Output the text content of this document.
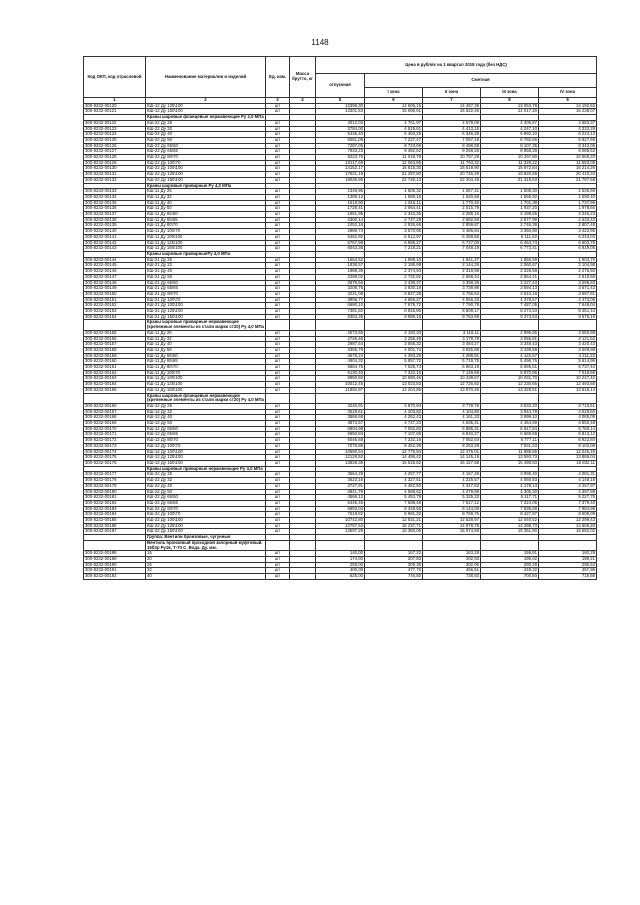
1148
Код ОКП, код отраслевой	Наименование материалов и изделий	Ед. изм.	Масса брутто, кг	Цена в рублях на 1 квартал 2018 года (без НДС)				
				отпускная	Сметная			
					I зона	II зона	III зона	IV зона
1	2	3	4	5	6	7	8	9
300-8232-00120	КШ-12 Ду 125\100	шт		12398,30	14 606,15	14 457,39	13 053,78	14 192,52
300-8232-00121	КШ-12 Ду 150\100	шт		13301,53	15 696,91	15 522,46	14 017,20	15 238,07
	Краны шаровые фланцевые нержавеющие Ру 2,5 МПа							
300-8232-00122	КШ-22 Ду 25	шт		4012,03	4 761,97	4 679,09	4 406,87	4 583,37
300-8232-00123	КШ-22 Ду 32	шт		3784,00	4 519,61	4 413,15	4 247,10	4 332,29
300-8232-00124	КШ-22 Ду 40	шт		5436,40	6 463,25	6 346,28	5 992,10	6 224,13
300-8232-00125	КШ-22 Ду 50	шт		6051,09	7 227,47	7 057,18	6 782,65	6 927,69
300-8232-00126	КШ-22 Ду 65\50	шт		7287,05	8 723,69	8 498,58	8 107,35	8 342,06
300-8232-00127	КШ-22 Ду 65\65	шт		7933,23	9 482,62	9 259,26	8 858,28	9 089,62
300-8232-00128	КШ-22 Ду 80\70	шт		9223,76	11 018,78	10 757,29	10 297,80	10 569,20
300-8232-00129	КШ-22 Ду 100\70	шт		10117,69	12 063,86	11 793,32	11 329,22	11 583,05
300-8232-00130	КШ-22 Ду 100\100	шт		14152,17	16 815,30	16 519,90	15 872,84	16 214,26
300-8232-00131	КШ-22 Ду 125\100	шт		17621,19	21 297,80	20 745,29	19 920,69	20 410,34
300-8232-00132	КШ-22 Ду 150\100	шт		19036,95	22 740,13	22 204,48	21 318,63	21 787,68
	Краны шаровые приварные Ру 4,0 МПа							
300-8232-00133	КШ-11 Ду 25	шт		1349,95	1 605,32	1 567,41	1 508,30	1 536,69
300-8232-00134	КШ-11 Ду 32	шт		1389,12	1 659,16	1 620,68	1 555,92	1 590,40
300-8232-00135	КШ-11 Ду 40	шт		1518,90	1 815,11	1 770,40	1 701,39	1 737,96
300-8232-00136	КШ-11 Ду 50	шт		1728,41	2 064,41	2 015,79	1 937,20	1 978,66
300-8232-00137	КШ-11 Ду 65\50	шт		1961,95	2 343,35	2 288,16	2 198,55	2 246,23
300-8232-00138	КШ-11 Ду 65\65	шт		2300,14	2 747,29	2 682,58	2 577,99	2 633,43
300-8232-00139	КШ-11 Ду 80\70	шт		2452,16	2 926,66	2 859,87	2 746,38	2 807,48
300-8232-00140	КШ-11 Ду 100\70	шт		2989,74	3 570,95	3 486,84	3 350,90	3 422,95
300-8232-00141	КШ-11 Ду 100\100	шт		5462,92	6 512,97	6 359,56	6 111,62	6 243,04
300-8232-00142	КШ-11 Ду 125\100	шт		5767,98	6 889,27	6 727,00	6 464,74	6 603,75
300-8232-00143	КШ-11 Ду 150\100	шт		6043,38	7 218,21	7 048,19	6 773,41	6 919,05
	Краны шаровые приварныеРу 4,0 МПа							
300-8232-00144	КШ-21 Ду 25	шт		1664,52	1 988,10	1 941,27	1 865,59	1 903,70
300-8232-00145	КШ-21 Ду 32	шт		1838,57	2 195,99	2 144,26	2 060,67	2 104,98
300-8232-00146	КШ-21 Ду 40	шт		1988,39	2 374,93	2 318,99	2 228,58	2 276,50
300-8232-00147	КШ-21 Ду 50	шт		2288,02	2 732,82	2 668,44	2 564,41	2 619,56
300-8232-00148	КШ-21 Ду 65\50	шт		2879,56	3 439,37	3 358,36	3 227,43	3 296,83
300-8232-00149	КШ-21 Ду 65\65	шт		3206,76	3 830,18	3 739,96	3 594,13	3 671,43
300-8232-00150	КШ-21 Ду 80\70	шт		3221,08	3 847,28	3 756,63	3 610,18	3 687,81
300-8232-00151	КШ-21 Ду 100\70	шт		3906,77	4 666,27	4 556,33	4 378,67	4 473,06
300-8232-00152	КШ-21 Ду 100\100	шт		6680,10	7 978,72	7 790,78	7 487,05	7 648,04
300-8232-00153	КШ-21 Ду 125\100	шт		7381,82	8 816,86	8 609,17	8 273,53	8 451,44
300-8232-00154	КШ-21 Ду 150\100	шт		8363,35	9 989,18	9 753,89	9 373,63	9 575,19
	Краны шаровые приварные нержавеющие (крепежные элементы из стали марки ст20) Ру 4,0 МПа							
300-8232-00155	КШ-11 Ду 25	шт		2673,55	3 193,33	3 118,11	2 996,55	3 060,98
300-8232-00156	КШ-11 Ду 32	шт		2726,46	3 256,49	3 179,78	3 055,81	3 121,52
300-8232-00157	КШ-11 Ду 40	шт		2987,54	3 568,32	3 484,27	3 348,43	3 420,43
300-8232-00158	КШ-11 Ду 50	шт		3365,78	4 001,74	3 925,88	3 439,59	3 509,98
300-8232-00159	КШ-11 Ду 65\50	шт		3678,24	4 393,29	4 289,81	4 122,57	4 211,22
300-8232-00160	КШ-11 Ду 65\65	шт		4904,32	5 857,72	5 719,75	5 496,76	5 614,96
300-8232-00161	КШ-11 Ду 80\70	шт		5884,75	7 028,74	6 863,19	6 595,61	6 737,44
300-8232-00162	КШ-11 Ду 100\70	шт		6130,40	7 322,16	7 149,69	6 870,96	7 018,69
300-8232-00163	КШ-11 Ду 100\100	шт		8950,50	10 690,46	10 438,67	10 031,70	10 247,42
300-8232-00164	КШ-11 Ду 125\100	шт		10012,45	13 023,83	12 726,82	12 230,65	12 493,65
300-8232-00165	КШ-11 Ду 150\100	шт		11892,87	14 204,85	13 870,26	13 329,51	13 616,14
	Краны шаровые фланцевые нержавеющие (крепежные элементы из стали марки ст20) Ру 4,0 МПа							
300-8232-00166	КШ-12 Ду 25	шт		3240,91	3 870,94	3 779,76	3 632,40	3 710,51
300-8232-00167	КШ-12 Ду 32	шт		3519,61	4 203,82	4 104,80	3 944,78	4 029,60
300-8232-00168	КШ-12 Ду 40	шт		3568,68	4 262,43	4 161,33	3 999,10	4 085,09
300-8232-00169	КШ-12 Ду 50	шт		3874,57	4 747,23	4 635,41	4 454,69	4 550,48
300-8232-00170	КШ-12 Ду 65\50	шт		5904,98	7 052,83	6 886,31	6 617,84	6 760,14
300-8232-00171	КШ-12 Ду 65\65	шт		5950,84	7 107,69	6 940,27	6 669,69	6 813,12
300-8232-00172	КШ-12 Ду 80\70	шт		6046,68	7 222,16	7 052,04	6 777,11	6 922,84
300-8232-00173	КШ-12 Ду 100\70	шт		7076,88	8 452,39	8 253,29	7 931,53	8 102,08
300-8232-00174	КШ-12 Ду 100\100	шт		10690,54	12 775,94	12 475,01	11 988,66	12 245,46
300-8232-00175	КШ-12 Ду 125\100	шт		12128,52	14 486,42	14 145,19	13 593,73	13 886,04
300-8232-00176	КШ-12 Ду 150\100	шт		13828,38	16 516,62	16 127,58	15 498,83	15 832,11
	Краны шаровые приварные нержавеющие Ру 4,0 МПа							
300-8232-00177	КШ-22 Ду 25	шт		3564,28	4 257,77	4 157,48	3 995,40	4 081,31
300-8232-00178	КШ-22 Ду 32	шт		3623,16	4 327,51	4 225,57	4 060,83	4 148,16
300-8232-00179	КШ-22 Ду 40	шт		3727,81	4 452,50	4 347,62	4 178,13	4 267,97
300-8232-00180	КШ-22 Ду 50	шт		3841,78	4 588,62	4 479,95	4 305,30	4 397,88
300-8232-00181	КШ-22 Ду 65\50	шт		4566,13	5 453,79	5 325,33	5 117,71	5 227,76
300-8232-00182	КШ-22 Ду 65\65	шт		6445,46	7 698,48	7 517,12	7 224,06	7 379,40
300-8232-00183	КШ-22 Ду 80\70	шт		6993,04	8 349,55	8 144,09	7 836,59	7 984,98
300-8232-00184	КШ-22 Ду 100\70	шт		7519,82	8 981,32	8 769,76	8 427,87	8 609,09
300-8232-00185	КШ-22 Ду 100\100	шт		10742,80	12 831,21	12 528,97	12 040,52	12 299,43
300-8232-00186	КШ-22 Ду 125\100	шт		12757,53	15 237,71	14 878,78	14 298,73	14 606,20
300-8232-00187	КШ-22 Ду 150\100	шт		13697,29	16 360,05	15 974,69	15 351,90	15 682,02
	Группа: Вентили бронзовые, чугунные							
	Вентиль бронзовый проходной запорный муфтовый. 15б3р Ру16, Т-70 С. Вода. Ду. мм.							
300-8232-00188	15	шт		140,00	167,22	163,28	156,91	160,29
300-8232-00189	20	шт		174,00	207,83	202,93	195,02	199,21
300-8232-00190	25	шт		259,00	309,35	302,06	290,29	296,53
300-8232-00191	32	шт		400,00	477,76	466,51	448,32	457,96
300-8232-00192	40	шт		625,00	746,50	728,92	700,50	715,56
